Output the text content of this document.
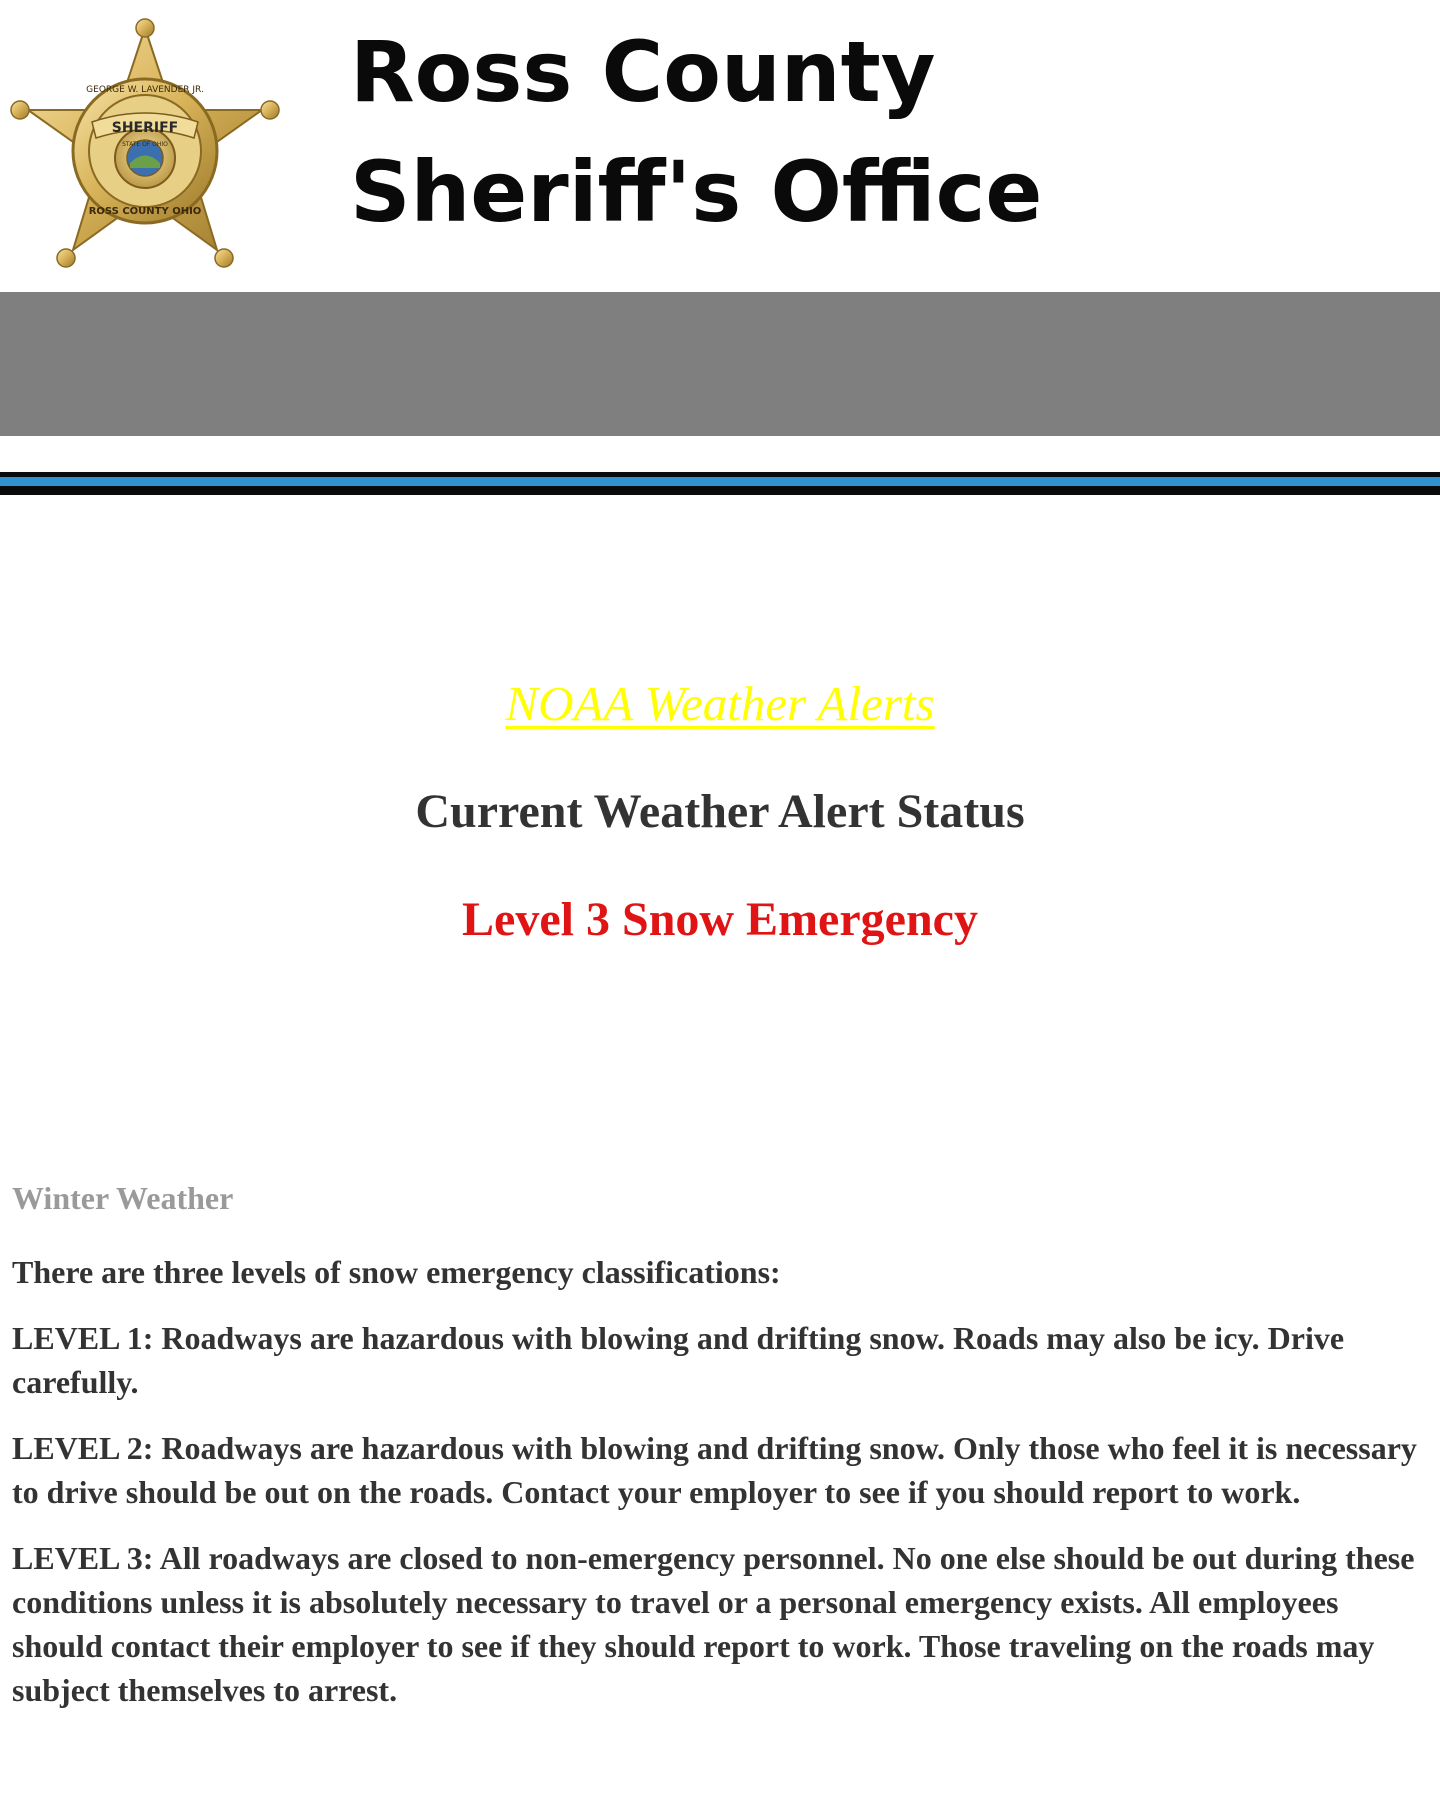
SHERIFF
GEORGE W. LAVENDER JR.
ROSS COUNTY OHIO
STATE OF OHIO
Ross County
Sheriff's Office
NOAA Weather Alerts
Current Weather Alert Status
Level 3 Snow Emergency

Winter Weather

There are three levels of snow emergency classifications:

LEVEL 1: Roadways are hazardous with blowing and drifting snow. Roads may also be icy. Drive carefully.

LEVEL 2: Roadways are hazardous with blowing and drifting snow. Only those who feel it is necessary to drive should be out on the roads. Contact your employer to see if you should report to work.

LEVEL 3: All roadways are closed to non-emergency personnel. No one else should be out during these conditions unless it is absolutely necessary to travel or a personal emergency exists. All employees should contact their employer to see if they should report to work. Those traveling on the roads may subject themselves to arrest.
